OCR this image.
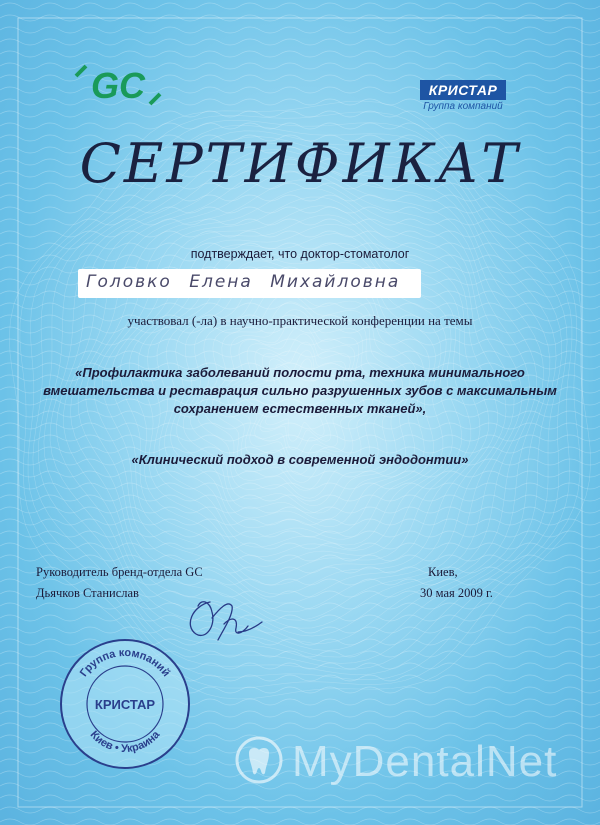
GC	КРИСТАР
Группа компаний
СЕРТИФИКАТ
подтверждает, что доктор-стоматолог
Головко Елена Михайловна
участвовал (-ла) в научно-практической конференции на темы
«Профилактика заболеваний полости рта, техника минимального вмешательства и реставрация сильно разрушенных зубов с максимальным сохранением естественных тканей»,
«Клинический подход в современной эндодонтии»
Руководитель бренд-отдела GC
Дьячков Станислав
Киев,
30 мая 2009 г.
Группа компаний
Киев • Украина
КРИСТАР
MyDentalNet
